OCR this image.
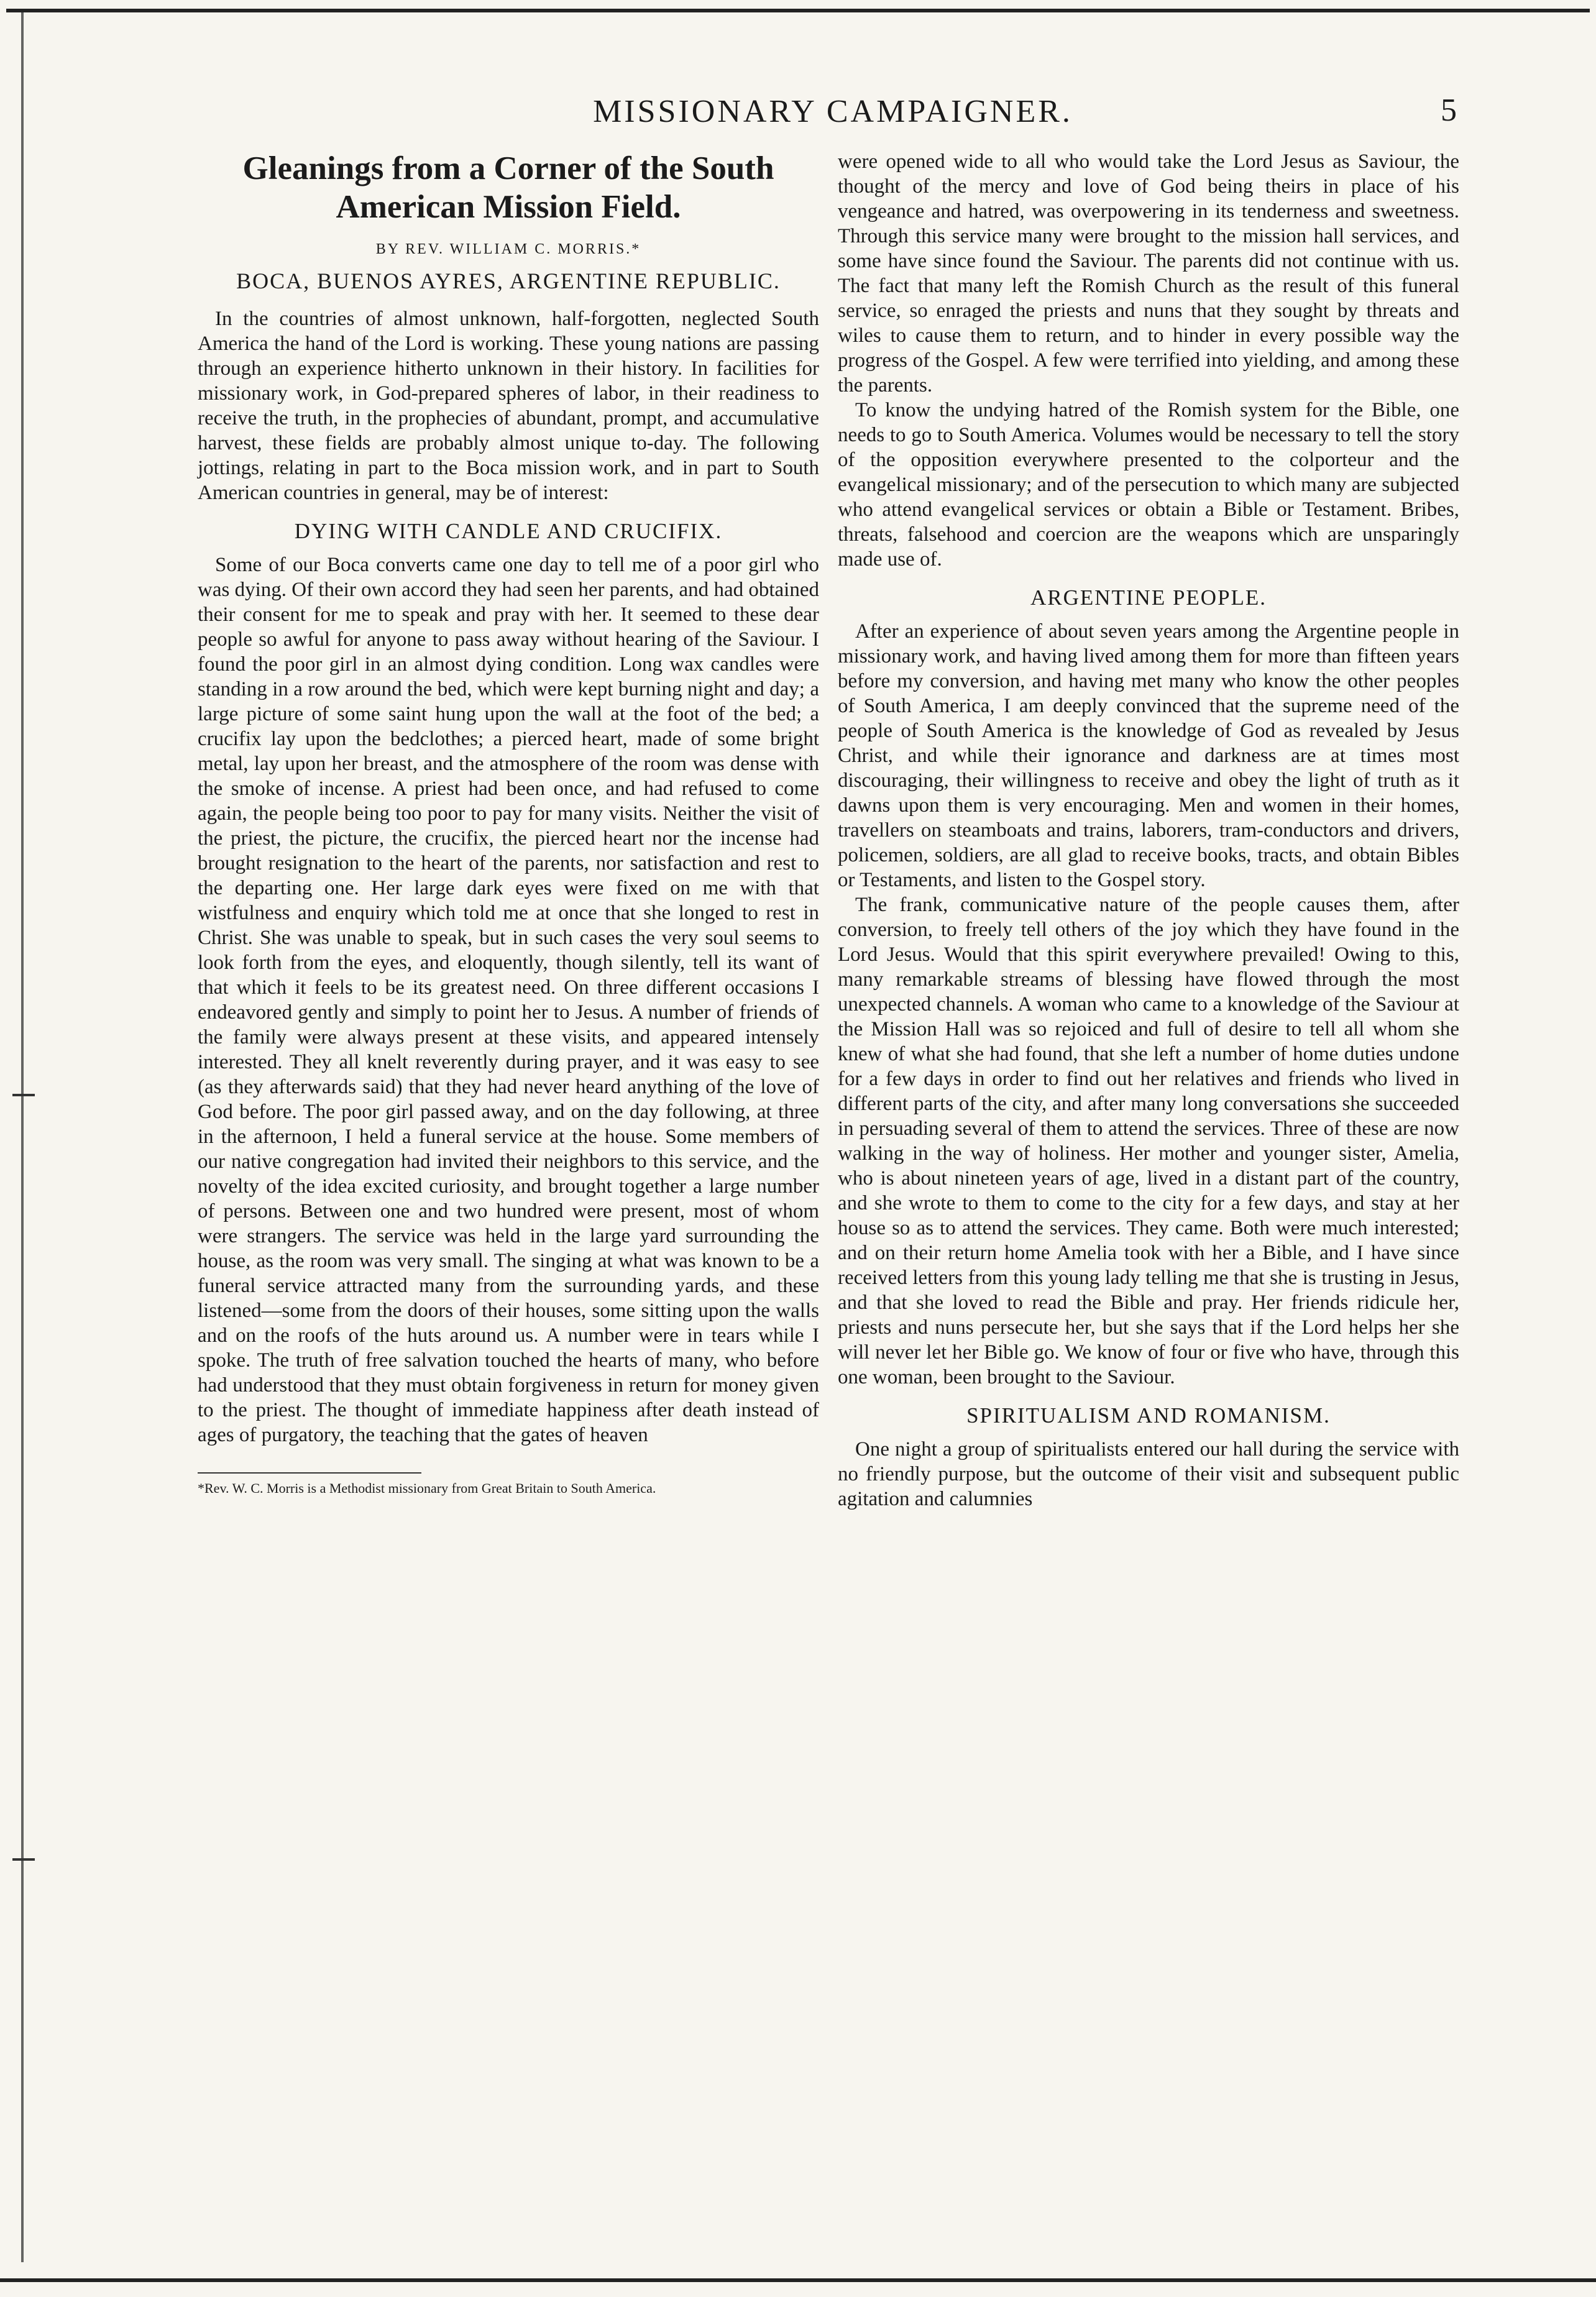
MISSIONARY CAMPAIGNER.	5
Gleanings from a Corner of the South American Mission Field.
BY REV. WILLIAM C. MORRIS.*
BOCA, BUENOS AYRES, ARGENTINE REPUBLIC.

In the countries of almost unknown, half-forgotten, neglected South America the hand of the Lord is working. These young nations are passing through an experience hitherto unknown in their history. In facilities for missionary work, in God-prepared spheres of labor, in their readiness to receive the truth, in the prophecies of abundant, prompt, and accumulative harvest, these fields are probably almost unique to-day. The following jottings, relating in part to the Boca mission work, and in part to South American countries in general, may be of interest:

DYING WITH CANDLE AND CRUCIFIX.

Some of our Boca converts came one day to tell me of a poor girl who was dying. Of their own accord they had seen her parents, and had obtained their consent for me to speak and pray with her. It seemed to these dear people so awful for anyone to pass away without hearing of the Saviour. I found the poor girl in an almost dying condition. Long wax candles were standing in a row around the bed, which were kept burning night and day; a large picture of some saint hung upon the wall at the foot of the bed; a crucifix lay upon the bedclothes; a pierced heart, made of some bright metal, lay upon her breast, and the atmosphere of the room was dense with the smoke of incense. A priest had been once, and had refused to come again, the people being too poor to pay for many visits. Neither the visit of the priest, the picture, the crucifix, the pierced heart nor the incense had brought resignation to the heart of the parents, nor satisfaction and rest to the departing one. Her large dark eyes were fixed on me with that wistfulness and enquiry which told me at once that she longed to rest in Christ. She was unable to speak, but in such cases the very soul seems to look forth from the eyes, and eloquently, though silently, tell its want of that which it feels to be its greatest need. On three different occasions I endeavored gently and simply to point her to Jesus. A number of friends of the family were always present at these visits, and appeared intensely interested. They all knelt reverently during prayer, and it was easy to see (as they afterwards said) that they had never heard anything of the love of God before. The poor girl passed away, and on the day following, at three in the afternoon, I held a funeral service at the house. Some members of our native congregation had invited their neighbors to this service, and the novelty of the idea excited curiosity, and brought together a large number of persons. Between one and two hundred were present, most of whom were strangers. The service was held in the large yard surrounding the house, as the room was very small. The singing at what was known to be a funeral service attracted many from the surrounding yards, and these listened—some from the doors of their houses, some sitting upon the walls and on the roofs of the huts around us. A number were in tears while I spoke. The truth of free salvation touched the hearts of many, who before had understood that they must obtain forgiveness in return for money given to the priest. The thought of immediate happiness after death instead of ages of purgatory, the teaching that the gates of heaven

*Rev. W. C. Morris is a Methodist missionary from Great Britain to South America.

were opened wide to all who would take the Lord Jesus as Saviour, the thought of the mercy and love of God being theirs in place of his vengeance and hatred, was overpowering in its tenderness and sweetness. Through this service many were brought to the mission hall services, and some have since found the Saviour. The parents did not continue with us. The fact that many left the Romish Church as the result of this funeral service, so enraged the priests and nuns that they sought by threats and wiles to cause them to return, and to hinder in every possible way the progress of the Gospel. A few were terrified into yielding, and among these the parents.

To know the undying hatred of the Romish system for the Bible, one needs to go to South America. Volumes would be necessary to tell the story of the opposition everywhere presented to the colporteur and the evangelical missionary; and of the persecution to which many are subjected who attend evangelical services or obtain a Bible or Testament. Bribes, threats, falsehood and coercion are the weapons which are unsparingly made use of.

ARGENTINE PEOPLE.

After an experience of about seven years among the Argentine people in missionary work, and having lived among them for more than fifteen years before my conversion, and having met many who know the other peoples of South America, I am deeply convinced that the supreme need of the people of South America is the knowledge of God as revealed by Jesus Christ, and while their ignorance and darkness are at times most discouraging, their willingness to receive and obey the light of truth as it dawns upon them is very encouraging. Men and women in their homes, travellers on steamboats and trains, laborers, tram-conductors and drivers, policemen, soldiers, are all glad to receive books, tracts, and obtain Bibles or Testaments, and listen to the Gospel story.

The frank, communicative nature of the people causes them, after conversion, to freely tell others of the joy which they have found in the Lord Jesus. Would that this spirit everywhere prevailed! Owing to this, many remarkable streams of blessing have flowed through the most unexpected channels. A woman who came to a knowledge of the Saviour at the Mission Hall was so rejoiced and full of desire to tell all whom she knew of what she had found, that she left a number of home duties undone for a few days in order to find out her relatives and friends who lived in different parts of the city, and after many long conversations she succeeded in persuading several of them to attend the services. Three of these are now walking in the way of holiness. Her mother and younger sister, Amelia, who is about nineteen years of age, lived in a distant part of the country, and she wrote to them to come to the city for a few days, and stay at her house so as to attend the services. They came. Both were much interested; and on their return home Amelia took with her a Bible, and I have since received letters from this young lady telling me that she is trusting in Jesus, and that she loved to read the Bible and pray. Her friends ridicule her, priests and nuns persecute her, but she says that if the Lord helps her she will never let her Bible go. We know of four or five who have, through this one woman, been brought to the Saviour.

SPIRITUALISM AND ROMANISM.

One night a group of spiritualists entered our hall during the service with no friendly purpose, but the outcome of their visit and subsequent public agitation and calumnies
